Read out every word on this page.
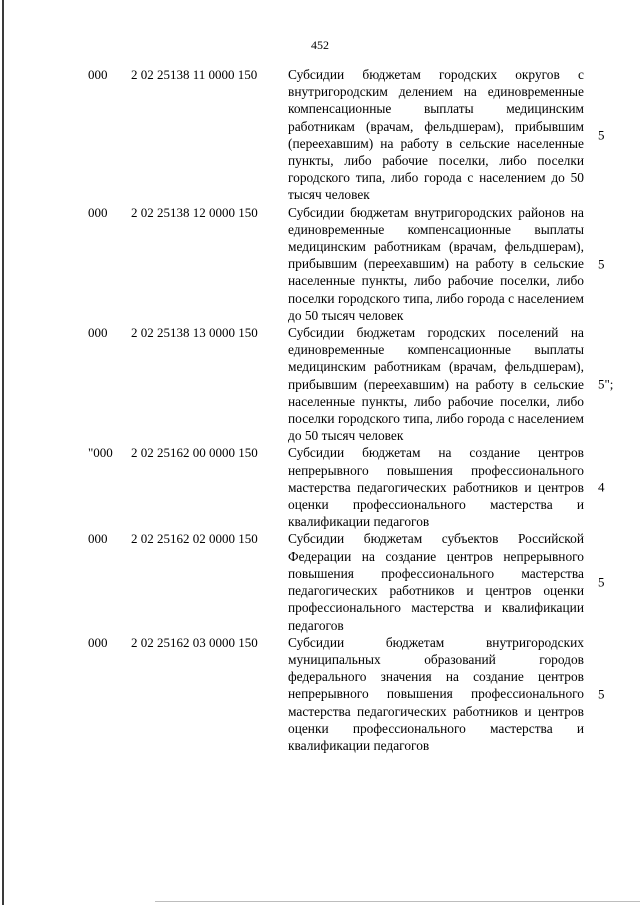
452
000 2 02 25138 11 0000 150 Субсидии бюджетам городских округов с внутригородским делением на единовременные компенсационные выплаты медицинским работникам (врачам, фельдшерам), прибывшим (переехавшим) на работу в сельские населенные пункты, либо рабочие поселки, либо поселки городского типа, либо города с населением до 50 тысяч человек
5
000 2 02 25138 12 0000 150 Субсидии бюджетам внутригородских районов на единовременные компенсационные выплаты медицинским работникам (врачам, фельдшерам), прибывшим (переехавшим) на работу в сельские населенные пункты, либо рабочие поселки, либо поселки городского типа, либо города с населением до 50 тысяч человек
5
000 2 02 25138 13 0000 150 Субсидии бюджетам городских поселений на единовременные компенсационные выплаты медицинским работникам (врачам, фельдшерам), прибывшим (переехавшим) на работу в сельские населенные пункты, либо рабочие поселки, либо поселки городского типа, либо города с населением до 50 тысяч человек
5";
"000 2 02 25162 00 0000 150 Субсидии бюджетам на создание центров непрерывного повышения профессионального мастерства педагогических работников и центров оценки профессионального мастерства и квалификации педагогов
4
000 2 02 25162 02 0000 150 Субсидии бюджетам субъектов Российской Федерации на создание центров непрерывного повышения профессионального мастерства педагогических работников и центров оценки профессионального мастерства и квалификации педагогов
5
000 2 02 25162 03 0000 150 Субсидии бюджетам внутригородских муниципальных образований городов федерального значения на создание центров непрерывного повышения профессионального мастерства педагогических работников и центров оценки профессионального мастерства и квалификации педагогов
5
